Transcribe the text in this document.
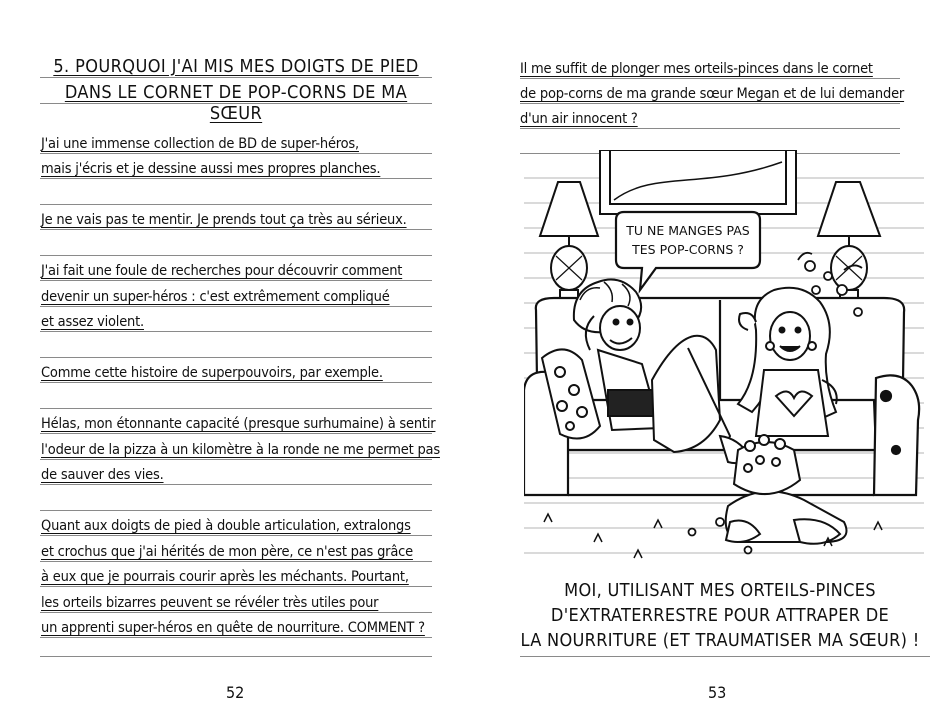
5. POURQUOI J'AI MIS MES DOIGTS DE PIED
DANS LE CORNET DE POP-CORNS DE MA SŒUR
J'ai une immense collection de BD de super-héros,
mais j'écris et je dessine aussi mes propres planches.
Je ne vais pas te mentir. Je prends tout ça très au sérieux.
J'ai fait une foule de recherches pour découvrir comment
devenir un super-héros : c'est extrêmement compliqué
et assez violent.
Comme cette histoire de superpouvoirs, par exemple.
Hélas, mon étonnante capacité (presque surhumaine) à sentir
l'odeur de la pizza à un kilomètre à la ronde ne me permet pas
de sauver des vies.
Quant aux doigts de pied à double articulation, extralongs
et crochus que j'ai hérités de mon père, ce n'est pas grâce
à eux que je pourrais courir après les méchants. Pourtant,
les orteils bizarres peuvent se révéler très utiles pour
un apprenti super-héros en quête de nourriture. COMMENT ?
52
Il me suffit de plonger mes orteils-pinces dans le cornet
de pop-corns de ma grande sœur Megan et de lui demander
d'un air innocent ?
53
TU NE MANGES PAS
TES POP-CORNS ?
MOI, UTILISANT MES ORTEILS-PINCES
D'EXTRATERRESTRE POUR ATTRAPER DE
LA NOURRITURE (ET TRAUMATISER MA SŒUR) !
